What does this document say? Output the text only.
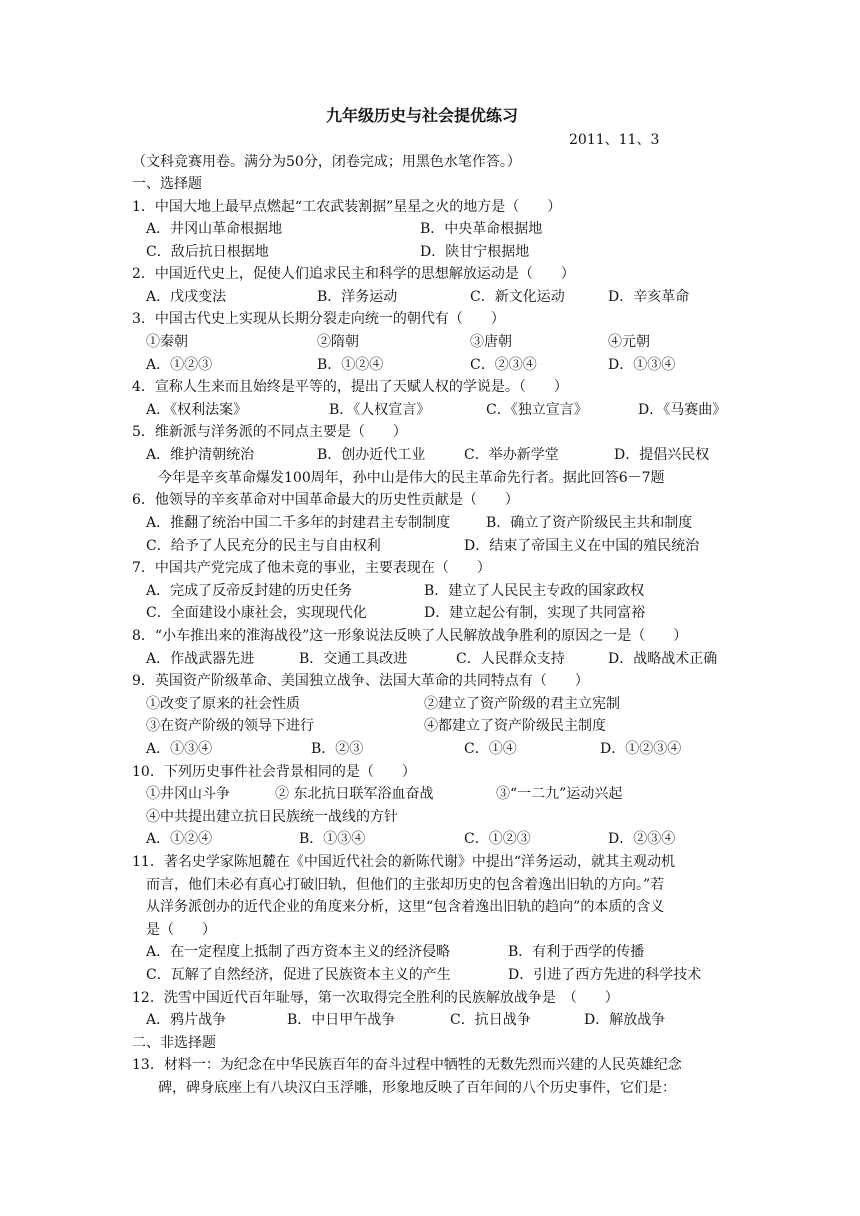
九年级历史与社会提优练习
2011、11、3
（文科竞赛用卷。满分为50分，闭卷完成；用黑色水笔作答。）
一、选择题
1．中国大地上最早点燃起“工农武装割据”星星之火的地方是（　　）
A．井冈山革命根据地	B．中央革命根据地
C．敌后抗日根据地	D．陕甘宁根据地
2．中国近代史上，促使人们追求民主和科学的思想解放运动是（　　）
A．戊戌变法	B．洋务运动	C．新文化运动	D．辛亥革命
3．中国古代史上实现从长期分裂走向统一的朝代有（　　）
①秦朝	②隋朝	③唐朝	④元朝
A．①②③	B．①②④	C．②③④	D．①③④
4．宣称人生来而且始终是平等的，提出了天赋人权的学说是。（　　）
A．《权利法案》	B．《人权宣言》	C．《独立宣言》	D．《马赛曲》
5．维新派与洋务派的不同点主要是（　　）
A．维护清朝统治	B．创办近代工业	C．举办新学堂	D．提倡兴民权
今年是辛亥革命爆发100周年，孙中山是伟大的民主革命先行者。据此回答6－7题
6．他领导的辛亥革命对中国革命最大的历史性贡献是（　　）
A．推翻了统治中国二千多年的封建君主专制制度	B．确立了资产阶级民主共和制度
C．给予了人民充分的民主与自由权利	D．结束了帝国主义在中国的殖民统治
7．中国共产党完成了他未竟的事业，主要表现在（　　）
A．完成了反帝反封建的历史任务	B．建立了人民民主专政的国家政权
C．全面建设小康社会，实现现代化	D．建立起公有制，实现了共同富裕
8．“小车推出来的淮海战役”这一形象说法反映了人民解放战争胜利的原因之一是（　　）
A．作战武器先进	B．交通工具改进	C．人民群众支持	D．战略战术正确
9．英国资产阶级革命、美国独立战争、法国大革命的共同特点有（　　）
①改变了原来的社会性质	②建立了资产阶级的君主立宪制
③在资产阶级的领导下进行	④都建立了资产阶级民主制度
A．①③④	B．②③	C．①④	D．①②③④
10．下列历史事件社会背景相同的是（　　）
①井冈山斗争	② 东北抗日联军浴血奋战	③“一二九”运动兴起
④中共提出建立抗日民族统一战线的方针
A．①②④	B．①③④	C．①②③	D．②③④
11．著名史学家陈旭麓在《中国近代社会的新陈代谢》中提出“洋务运动，就其主观动机
而言，他们未必有真心打破旧轨，但他们的主张却历史的包含着逸出旧轨的方向。”若
从洋务派创办的近代企业的角度来分析，这里“包含着逸出旧轨的趋向”的本质的含义
是（　　）
A．在一定程度上抵制了西方资本主义的经济侵略	B．有利于西学的传播
C．瓦解了自然经济，促进了民族资本主义的产生	D．引进了西方先进的科学技术
12．洗雪中国近代百年耻辱，第一次取得完全胜利的民族解放战争是　（　　）
A．鸦片战争	B．中日甲午战争	C．抗日战争	D．解放战争
二、非选择题
13．材料一：为纪念在中华民族百年的奋斗过程中牺牲的无数先烈而兴建的人民英雄纪念
碑，碑身底座上有八块汉白玉浮雕，形象地反映了百年间的八个历史事件，它们是：
